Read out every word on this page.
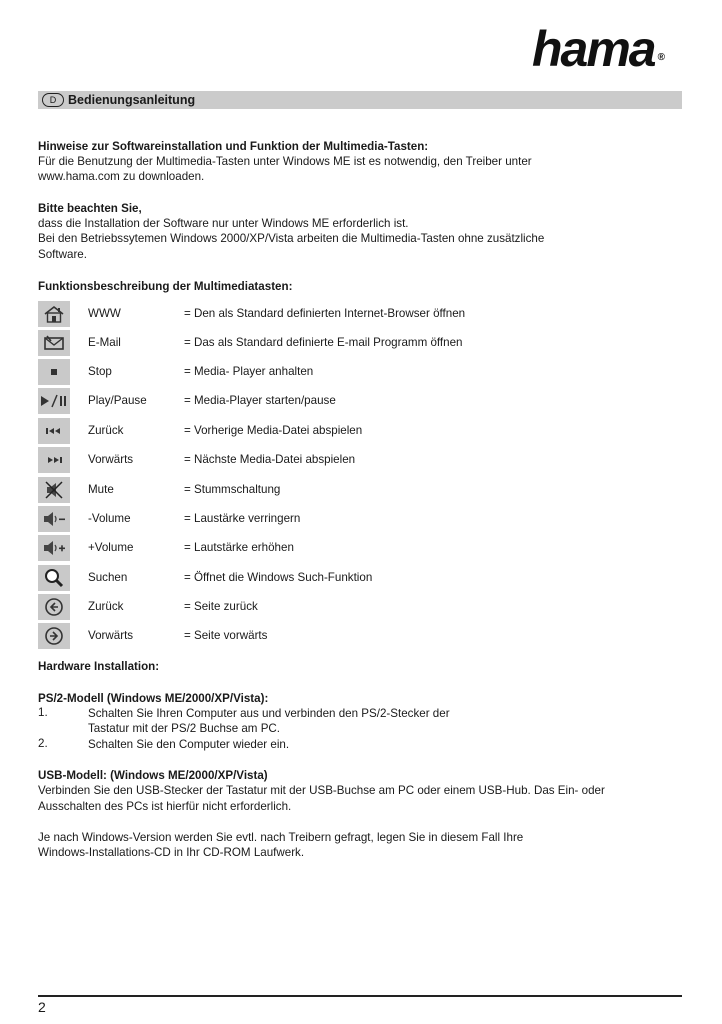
hama ®
D Bedienungsanleitung
Hinweise zur Softwareinstallation und Funktion der Multimedia-Tasten:
Für die Benutzung der Multimedia-Tasten unter Windows ME ist es notwendig, den Treiber unter
www.hama.com zu downloaden.
Bitte beachten Sie,
dass die Installation der Software nur unter Windows ME erforderlich ist.
Bei den Betriebssytemen Windows 2000/XP/Vista arbeiten die Multimedia-Tasten ohne zusätzliche
Software.
Funktionsbeschreibung der Multimediatasten:
WWW	= Den als Standard definierten Internet-Browser öffnen
E-Mail	= Das als Standard definierte E-mail Programm öffnen
Stop	= Media- Player anhalten
Play/Pause	= Media-Player starten/pause
Zurück	= Vorherige Media-Datei abspielen
Vorwärts	= Nächste Media-Datei abspielen
Mute	= Stummschaltung
-Volume	= Laustärke verringern
+Volume	= Lautstärke erhöhen
Suchen	= Öffnet die Windows Such-Funktion
Zurück	= Seite zurück
Vorwärts	= Seite vorwärts
Hardware Installation:
PS/2-Modell (Windows ME/2000/XP/Vista):
1.	Schalten Sie Ihren Computer aus und verbinden den PS/2-Stecker der
Tastatur mit der PS/2 Buchse am PC.
2.	Schalten Sie den Computer wieder ein.
USB-Modell: (Windows ME/2000/XP/Vista)
Verbinden Sie den USB-Stecker der Tastatur mit der USB-Buchse am PC oder einem USB-Hub. Das Ein- oder
Ausschalten des PCs ist hierfür nicht erforderlich.
Je nach Windows-Version werden Sie evtl. nach Treibern gefragt, legen Sie in diesem Fall Ihre
Windows-Installations-CD in Ihr CD-ROM Laufwerk.
2
